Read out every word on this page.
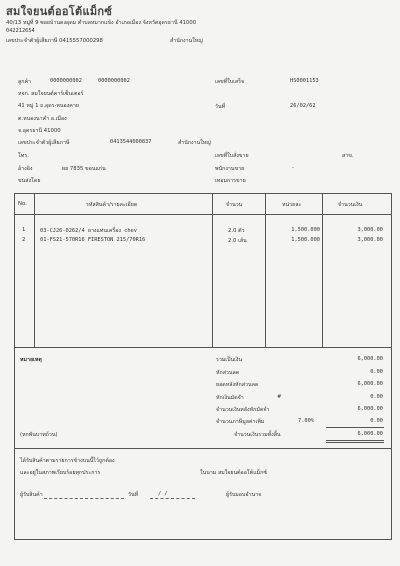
สมใจยนต์ออโต้แม็กซ์
40/13 หมู่ที่ 9 ซอยบ้านดงอุดม ตำบลหมากแข้ง อำเภอเมือง จังหวัดอุดรธานี 41000
042212654
เลขประจำตัวผู้เสียภาษี 0415557000298	สำนักงานใหญ่
ลูกค้า	0000000002	0000000002
หจก. สมใจยนต์คาร์เซ็นเตอร์
41 หมู่ 1 ถ.อุดร-หนองคาย
ต.หนองนาคำ อ.เมือง
จ.อุดรธานี 41000
เลขประจำตัวผู้เสียภาษี	0413544000837	สำนักงานใหญ่
โทร.
อ้างอิง	ผย 7835 ขอนแก่น
ขนส่งโดย
เลขที่ใบเสร็จ	HS0001153
วันที่	26/02/62
เลขที่ใบสั่งขาย	สาข.
พนักงานขาย	-
เทอมการขาย
No.	รหัสสินค้า/รายละเอียด	จำนวน	หน่วยละ	จำนวนเงิน
1	03-CJ26-0262/4 ยางแท่นเครื่อง chev	2.0 ตัว	1,500.000	3,000.00
2	01-FS21-570R16 FIRESTON 215/70R16	2.0 เส้น	1,500.000	3,000.00
หมายเหตุ	รวมเป็นเงิน	6,000.00
หักส่วนลด	0.00
ยอดหลังหักส่วนลด	6,000.00
หักเงินมัดจำ	#	0.00
จำนวนเงินหลังหักมัดจำ	6,000.00
จำนวนภาษีมูลค่าเพิ่ม	7.00%	0.00
(หกพันบาทถ้วน)	จำนวนเงินรวมทั้งสิ้น	6,000.00
ได้รับสินค้าตามรายการข้างบนนี้ไว้ถูกต้อง
และอยู่ในสภาพเรียบร้อยทุกประการ	ในนาม สมใจยนต์ออโต้แม็กซ์
ผู้รับสินค้า	วันที่	/ /	ผู้รับมอบอำนาจ
